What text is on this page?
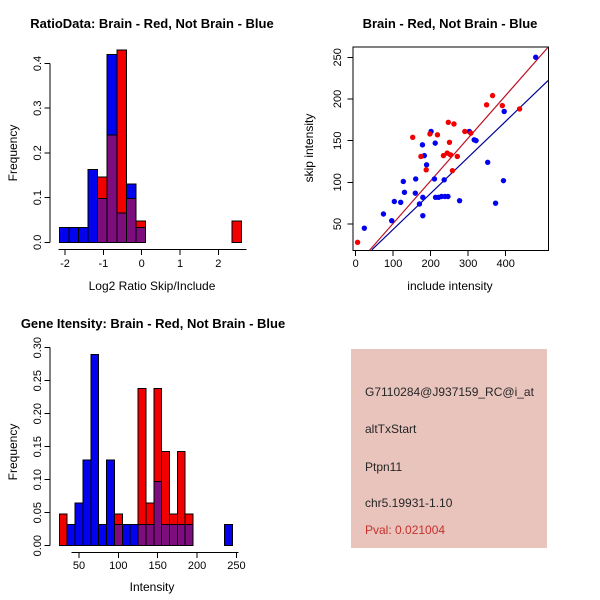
RatioData: Brain - Red, Not Brain - Blue
Log2 Ratio Skip/Include
Frequency
-2	-1	0	1	2
0.0
0.1
0.2
0.3
0.4
Brain - Red, Not Brain - Blue
include intensity
skip intensity
0 100 200 300 400
50
100
150
200
250
Gene Itensity: Brain - Red, Not Brain - Blue
Intensity
Frequency
50 100 150 200 250
0.00
0.05
0.10
0.15
0.20
0.25
0.30
G7110284@J937159_RC@i_at
altTxStart
Ptpn11
chr5.19931-1.10
Pval: 0.021004
